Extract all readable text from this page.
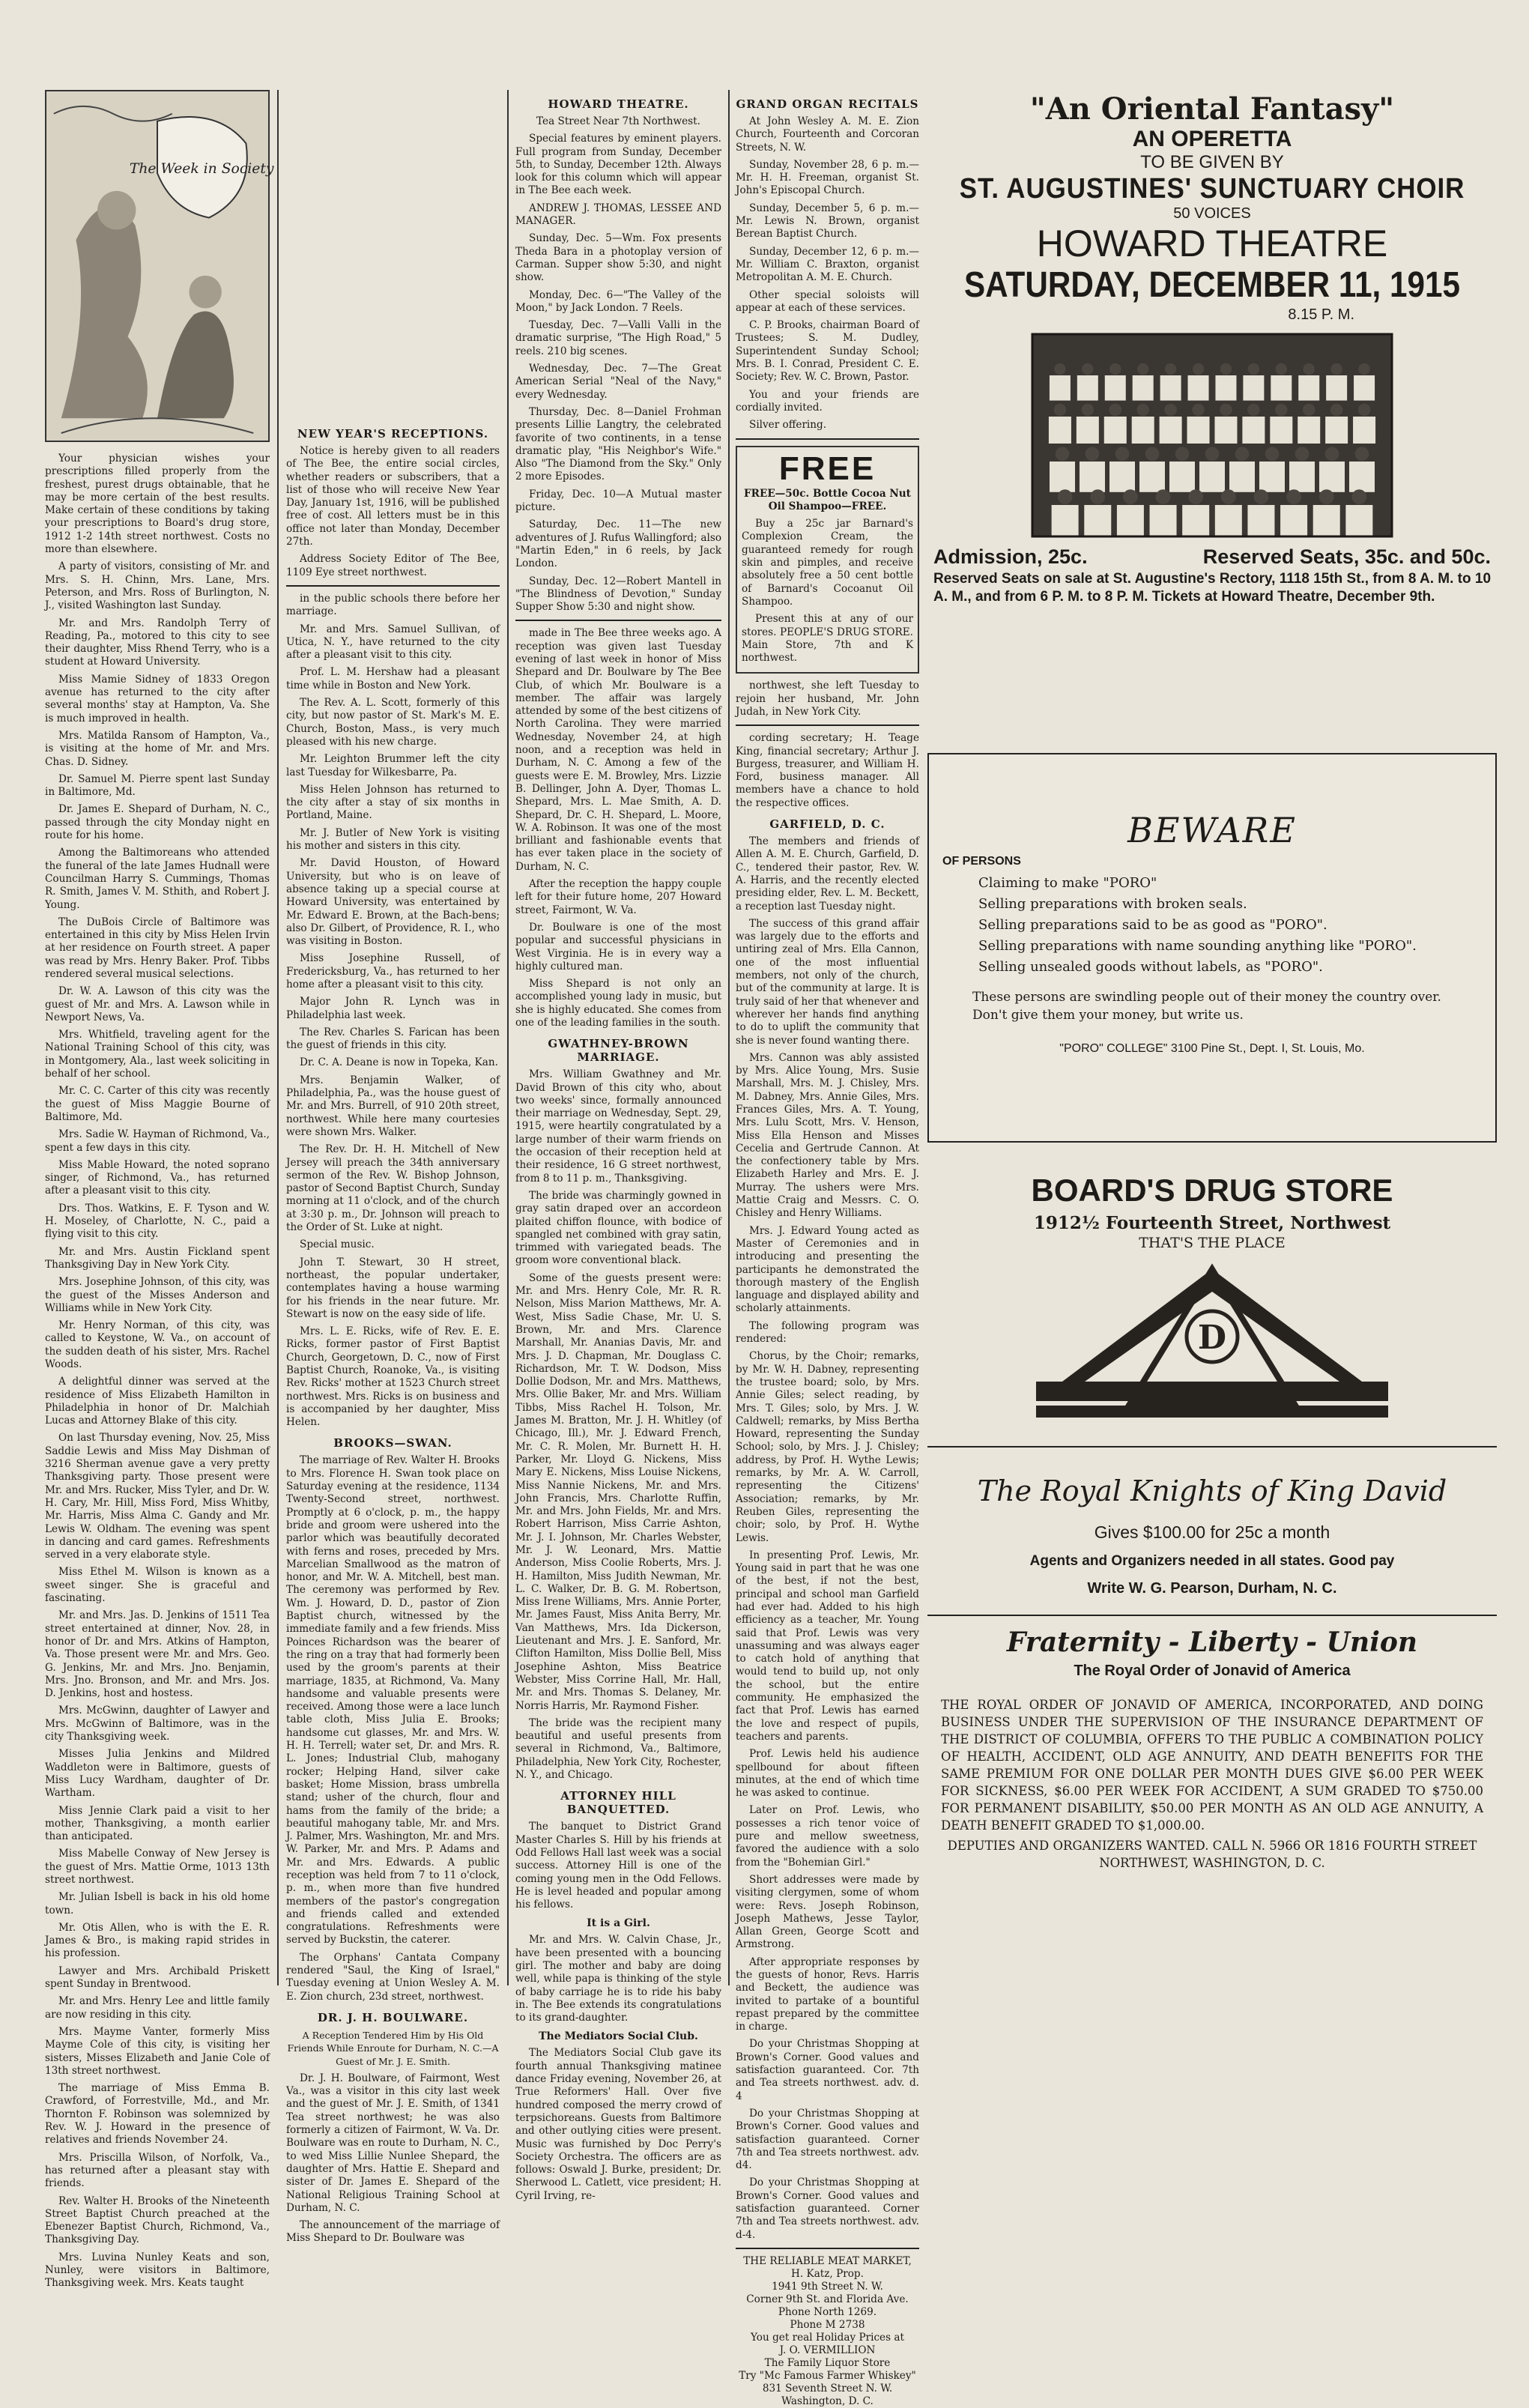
The Week in Society

Your physician wishes your prescriptions filled properly from the freshest, purest drugs obtainable, that he may be more certain of the best results. Make certain of these conditions by taking your prescriptions to Board's drug store, 1912 1-2 14th street northwest. Costs no more than elsewhere.

A party of visitors, consisting of Mr. and Mrs. S. H. Chinn, Mrs. Lane, Mrs. Peterson, and Mrs. Ross of Burlington, N. J., visited Washington last Sunday.

Mr. and Mrs. Randolph Terry of Reading, Pa., motored to this city to see their daughter, Miss Rhend Terry, who is a student at Howard University.

Miss Mamie Sidney of 1833 Oregon avenue has returned to the city after several months' stay at Hampton, Va. She is much improved in health.

Mrs. Matilda Ransom of Hampton, Va., is visiting at the home of Mr. and Mrs. Chas. D. Sidney.

Dr. Samuel M. Pierre spent last Sunday in Baltimore, Md.

Dr. James E. Shepard of Durham, N. C., passed through the city Monday night en route for his home.

Among the Baltimoreans who attended the funeral of the late James Hudnall were Councilman Harry S. Cummings, Thomas R. Smith, James V. M. Sthith, and Robert J. Young.

The DuBois Circle of Baltimore was entertained in this city by Miss Helen Irvin at her residence on Fourth street. A paper was read by Mrs. Henry Baker. Prof. Tibbs rendered several musical selections.

Dr. W. A. Lawson of this city was the guest of Mr. and Mrs. A. Lawson while in Newport News, Va.

Mrs. Whitfield, traveling agent for the National Training School of this city, was in Montgomery, Ala., last week soliciting in behalf of her school.

Mr. C. C. Carter of this city was recently the guest of Miss Maggie Bourne of Baltimore, Md.

Mrs. Sadie W. Hayman of Richmond, Va., spent a few days in this city.

Miss Mable Howard, the noted soprano singer, of Richmond, Va., has returned after a pleasant visit to this city.

Drs. Thos. Watkins, E. F. Tyson and W. H. Moseley, of Charlotte, N. C., paid a flying visit to this city.

Mr. and Mrs. Austin Fickland spent Thanksgiving Day in New York City.

Mrs. Josephine Johnson, of this city, was the guest of the Misses Anderson and Williams while in New York City.

Mr. Henry Norman, of this city, was called to Keystone, W. Va., on account of the sudden death of his sister, Mrs. Rachel Woods.

A delightful dinner was served at the residence of Miss Elizabeth Hamilton in Philadelphia in honor of Dr. Malchiah Lucas and Attorney Blake of this city.

On last Thursday evening, Nov. 25, Miss Saddie Lewis and Miss May Dishman of 3216 Sherman avenue gave a very pretty Thanksgiving party. Those present were Mr. and Mrs. Rucker, Miss Tyler, and Dr. W. H. Cary, Mr. Hill, Miss Ford, Miss Whitby, Mr. Harris, Miss Alma C. Gandy and Mr. Lewis W. Oldham. The evening was spent in dancing and card games. Refreshments served in a very elaborate style.

Miss Ethel M. Wilson is known as a sweet singer. She is graceful and fascinating.

Mr. and Mrs. Jas. D. Jenkins of 1511 Tea street entertained at dinner, Nov. 28, in honor of Dr. and Mrs. Atkins of Hampton, Va. Those present were Mr. and Mrs. Geo. G. Jenkins, Mr. and Mrs. Jno. Benjamin, Mrs. Jno. Bronson, and Mr. and Mrs. Jos. D. Jenkins, host and hostess.

Mrs. McGwinn, daughter of Lawyer and Mrs. McGwinn of Baltimore, was in the city Thanksgiving week.

Misses Julia Jenkins and Mildred Waddleton were in Baltimore, guests of Miss Lucy Wardham, daughter of Dr. Wartham.

Miss Jennie Clark paid a visit to her mother, Thanksgiving, a month earlier than anticipated.

Miss Mabelle Conway of New Jersey is the guest of Mrs. Mattie Orme, 1013 13th street northwest.

Mr. Julian Isbell is back in his old home town.

Mr. Otis Allen, who is with the E. R. James & Bro., is making rapid strides in his profession.

Lawyer and Mrs. Archibald Priskett spent Sunday in Brentwood.

Mr. and Mrs. Henry Lee and little family are now residing in this city.

Mrs. Mayme Vanter, formerly Miss Mayme Cole of this city, is visiting her sisters, Misses Elizabeth and Janie Cole of 13th street northwest.

The marriage of Miss Emma B. Crawford, of Forrestville, Md., and Mr. Thornton F. Robinson was solemnized by Rev. W. J. Howard in the presence of relatives and friends November 24.

Mrs. Priscilla Wilson, of Norfolk, Va., has returned after a pleasant stay with friends.

Rev. Walter H. Brooks of the Nineteenth Street Baptist Church preached at the Ebenezer Baptist Church, Richmond, Va., Thanksgiving Day.

Mrs. Luvina Nunley Keats and son, Nunley, were visitors in Baltimore, Thanksgiving week. Mrs. Keats taught

NEW YEAR'S RECEPTIONS.

Notice is hereby given to all readers of The Bee, the entire social circles, whether readers or subscribers, that a list of those who will receive New Year Day, January 1st, 1916, will be published free of cost. All letters must be in this office not later than Monday, December 27th.

Address Society Editor of The Bee, 1109 Eye street northwest.

in the public schools there before her marriage.

Mr. and Mrs. Samuel Sullivan, of Utica, N. Y., have returned to the city after a pleasant visit to this city.

Prof. L. M. Hershaw had a pleasant time while in Boston and New York.

The Rev. A. L. Scott, formerly of this city, but now pastor of St. Mark's M. E. Church, Boston, Mass., is very much pleased with his new charge.

Mr. Leighton Brummer left the city last Tuesday for Wilkesbarre, Pa.

Miss Helen Johnson has returned to the city after a stay of six months in Portland, Maine.

Mr. J. Butler of New York is visiting his mother and sisters in this city.

Mr. David Houston, of Howard University, but who is on leave of absence taking up a special course at Howard University, was entertained by Mr. Edward E. Brown, at the Bach-bens; also Dr. Gilbert, of Providence, R. I., who was visiting in Boston.

Miss Josephine Russell, of Fredericksburg, Va., has returned to her home after a pleasant visit to this city.

Major John R. Lynch was in Philadelphia last week.

The Rev. Charles S. Farican has been the guest of friends in this city.

Dr. C. A. Deane is now in Topeka, Kan.

Mrs. Benjamin Walker, of Philadelphia, Pa., was the house guest of Mr. and Mrs. Burrell, of 910 20th street, northwest. While here many courtesies were shown Mrs. Walker.

The Rev. Dr. H. H. Mitchell of New Jersey will preach the 34th anniversary sermon of the Rev. W. Bishop Johnson, pastor of Second Baptist Church, Sunday morning at 11 o'clock, and of the church at 3:30 p. m., Dr. Johnson will preach to the Order of St. Luke at night.

Special music.

John T. Stewart, 30 H street, northeast, the popular undertaker, contemplates having a house warming for his friends in the near future. Mr. Stewart is now on the easy side of life.

Mrs. L. E. Ricks, wife of Rev. E. E. Ricks, former pastor of First Baptist Church, Georgetown, D. C., now of First Baptist Church, Roanoke, Va., is visiting Rev. Ricks' mother at 1523 Church street northwest. Mrs. Ricks is on business and is accompanied by her daughter, Miss Helen.

BROOKS—SWAN.

The marriage of Rev. Walter H. Brooks to Mrs. Florence H. Swan took place on Saturday evening at the residence, 1134 Twenty-Second street, northwest. Promptly at 6 o'clock, p. m., the happy bride and groom were ushered into the parlor which was beautifully decorated with ferns and roses, preceded by Mrs. Marcelian Smallwood as the matron of honor, and Mr. W. A. Mitchell, best man. The ceremony was performed by Rev. Wm. J. Howard, D. D., pastor of Zion Baptist church, witnessed by the immediate family and a few friends. Miss Poinces Richardson was the bearer of the ring on a tray that had formerly been used by the groom's parents at their marriage, 1835, at Richmond, Va. Many handsome and valuable presents were received. Among those were a lace lunch table cloth, Miss Julia E. Brooks; handsome cut glasses, Mr. and Mrs. W. H. H. Terrell; water set, Dr. and Mrs. R. L. Jones; Industrial Club, mahogany rocker; Helping Hand, silver cake basket; Home Mission, brass umbrella stand; usher of the church, flour and hams from the family of the bride; a beautiful mahogany table, Mr. and Mrs. J. Palmer, Mrs. Washington, Mr. and Mrs. W. Parker, Mr. and Mrs. P. Adams and Mr. and Mrs. Edwards. A public reception was held from 7 to 11 o'clock, p. m., when more than five hundred members of the pastor's congregation and friends called and extended congratulations. Refreshments were served by Buckstin, the caterer.

The Orphans' Cantata Company rendered "Saul, the King of Israel," Tuesday evening at Union Wesley A. M. E. Zion church, 23d street, northwest.

DR. J. H. BOULWARE.

A Reception Tendered Him by His Old Friends While Enroute for Durham, N. C.—A Guest of Mr. J. E. Smith.

Dr. J. H. Boulware, of Fairmont, West Va., was a visitor in this city last week and the guest of Mr. J. E. Smith, of 1341 Tea street northwest; he was also formerly a citizen of Fairmont, W. Va. Dr. Boulware was en route to Durham, N. C., to wed Miss Lillie Nunlee Shepard, the daughter of Mrs. Hattie E. Shepard and sister of Dr. James E. Shepard of the National Religious Training School at Durham, N. C.

The announcement of the marriage of Miss Shepard to Dr. Boulware was

HOWARD THEATRE.

Tea Street Near 7th Northwest.

Special features by eminent players. Full program from Sunday, December 5th, to Sunday, December 12th. Always look for this column which will appear in The Bee each week.

ANDREW J. THOMAS, LESSEE AND MANAGER.

Sunday, Dec. 5—Wm. Fox presents Theda Bara in a photoplay version of Carman. Supper show 5:30, and night show.

Monday, Dec. 6—"The Valley of the Moon," by Jack London. 7 Reels.

Tuesday, Dec. 7—Valli Valli in the dramatic surprise, "The High Road," 5 reels. 210 big scenes.

Wednesday, Dec. 7—The Great American Serial "Neal of the Navy," every Wednesday.

Thursday, Dec. 8—Daniel Frohman presents Lillie Langtry, the celebrated favorite of two continents, in a tense dramatic play, "His Neighbor's Wife." Also "The Diamond from the Sky." Only 2 more Episodes.

Friday, Dec. 10—A Mutual master picture.

Saturday, Dec. 11—The new adventures of J. Rufus Wallingford; also "Martin Eden," in 6 reels, by Jack London.

Sunday, Dec. 12—Robert Mantell in "The Blindness of Devotion," Sunday Supper Show 5:30 and night show.

made in The Bee three weeks ago. A reception was given last Tuesday evening of last week in honor of Miss Shepard and Dr. Boulware by The Bee Club, of which Mr. Boulware is a member. The affair was largely attended by some of the best citizens of North Carolina. They were married Wednesday, November 24, at high noon, and a reception was held in Durham, N. C. Among a few of the guests were E. M. Browley, Mrs. Lizzie B. Dellinger, John A. Dyer, Thomas L. Shepard, Mrs. L. Mae Smith, A. D. Shepard, Dr. C. H. Shepard, L. Moore, W. A. Robinson. It was one of the most brilliant and fashionable events that has ever taken place in the society of Durham, N. C.

After the reception the happy couple left for their future home, 207 Howard street, Fairmont, W. Va.

Dr. Boulware is one of the most popular and successful physicians in West Virginia. He is in every way a highly cultured man.

Miss Shepard is not only an accomplished young lady in music, but she is highly educated. She comes from one of the leading families in the south.

GWATHNEY-BROWN MARRIAGE.

Mrs. William Gwathney and Mr. David Brown of this city who, about two weeks' since, formally announced their marriage on Wednesday, Sept. 29, 1915, were heartily congratulated by a large number of their warm friends on the occasion of their reception held at their residence, 16 G street northwest, from 8 to 11 p. m., Thanksgiving.

The bride was charmingly gowned in gray satin draped over an accordeon plaited chiffon flounce, with bodice of spangled net combined with gray satin, trimmed with variegated beads. The groom wore conventional black.

Some of the guests present were: Mr. and Mrs. Henry Cole, Mr. R. R. Nelson, Miss Marion Matthews, Mr. A. West, Miss Sadie Chase, Mr. U. S. Brown, Mr. and Mrs. Clarence Marshall, Mr. Ananias Davis, Mr. and Mrs. J. D. Chapman, Mr. Douglass C. Richardson, Mr. T. W. Dodson, Miss Dollie Dodson, Mr. and Mrs. Matthews, Mrs. Ollie Baker, Mr. and Mrs. William Tibbs, Miss Rachel H. Tolson, Mr. James M. Bratton, Mr. J. H. Whitley (of Chicago, Ill.), Mr. J. Edward French, Mr. C. R. Molen, Mr. Burnett H. H. Parker, Mr. Lloyd G. Nickens, Miss Mary E. Nickens, Miss Louise Nickens, Miss Nannie Nickens, Mr. and Mrs. John Francis, Mrs. Charlotte Ruffin, Mr. and Mrs. John Fields, Mr. and Mrs. Robert Harrison, Miss Carrie Ashton, Mr. J. I. Johnson, Mr. Charles Webster, Mr. J. W. Leonard, Mrs. Mattie Anderson, Miss Coolie Roberts, Mrs. J. H. Hamilton, Miss Judith Newman, Mr. L. C. Walker, Dr. B. G. M. Robertson, Miss Irene Williams, Mrs. Annie Porter, Mr. James Faust, Miss Anita Berry, Mr. Van Matthews, Mrs. Ida Dickerson, Lieutenant and Mrs. J. E. Sanford, Mr. Clifton Hamilton, Miss Dollie Bell, Miss Josephine Ashton, Miss Beatrice Webster, Miss Corrine Hall, Mr. Hall, Mr. and Mrs. Thomas S. Delaney, Mr. Norris Harris, Mr. Raymond Fisher.

The bride was the recipient many beautiful and useful presents from several in Richmond, Va., Baltimore, Philadelphia, New York City, Rochester, N. Y., and Chicago.

ATTORNEY HILL BANQUETTED.

The banquet to District Grand Master Charles S. Hill by his friends at Odd Fellows Hall last week was a social success. Attorney Hill is one of the coming young men in the Odd Fellows. He is level headed and popular among his fellows.

It is a Girl.

Mr. and Mrs. W. Calvin Chase, Jr., have been presented with a bouncing girl. The mother and baby are doing well, while papa is thinking of the style of baby carriage he is to ride his baby in. The Bee extends its congratulations to its grand-daughter.

The Mediators Social Club.

The Mediators Social Club gave its fourth annual Thanksgiving matinee dance Friday evening, November 26, at True Reformers' Hall. Over five hundred composed the merry crowd of terpsichoreans. Guests from Baltimore and other outlying cities were present. Music was furnished by Doc Perry's Society Orchestra. The officers are as follows: Oswald J. Burke, president; Dr. Sherwood L. Catlett, vice president; H. Cyril Irving, re-

GRAND ORGAN RECITALS

At John Wesley A. M. E. Zion Church, Fourteenth and Corcoran Streets, N. W.

Sunday, November 28, 6 p. m.—Mr. H. H. Freeman, organist St. John's Episcopal Church.

Sunday, December 5, 6 p. m.—Mr. Lewis N. Brown, organist Berean Baptist Church.

Sunday, December 12, 6 p. m.—Mr. William C. Braxton, organist Metropolitan A. M. E. Church.

Other special soloists will appear at each of these services.

C. P. Brooks, chairman Board of Trustees; S. M. Dudley, Superintendent Sunday School; Mrs. B. I. Conrad, President C. E. Society; Rev. W. C. Brown, Pastor.

You and your friends are cordially invited.

Silver offering.

FREE

FREE—50c. Bottle Cocoa Nut Oil Shampoo—FREE.

Buy a 25c jar Barnard's Complexion Cream, the guaranteed remedy for rough skin and pimples, and receive absolutely free a 50 cent bottle of Barnard's Cocoanut Oil Shampoo.

Present this at any of our stores. PEOPLE'S DRUG STORE. Main Store, 7th and K northwest.

northwest, she left Tuesday to rejoin her husband, Mr. John Judah, in New York City.

cording secretary; H. Teage King, financial secretary; Arthur J. Burgess, treasurer, and William H. Ford, business manager. All members have a chance to hold the respective offices.

GARFIELD, D. C.

The members and friends of Allen A. M. E. Church, Garfield, D. C., tendered their pastor, Rev. W. A. Harris, and the recently elected presiding elder, Rev. L. M. Beckett, a reception last Tuesday night.

The success of this grand affair was largely due to the efforts and untiring zeal of Mrs. Ella Cannon, one of the most influential members, not only of the church, but of the community at large. It is truly said of her that whenever and wherever her hands find anything to do to uplift the community that she is never found wanting there.

Mrs. Cannon was ably assisted by Mrs. Alice Young, Mrs. Susie Marshall, Mrs. M. J. Chisley, Mrs. M. Dabney, Mrs. Annie Giles, Mrs. Frances Giles, Mrs. A. T. Young, Mrs. Lulu Scott, Mrs. V. Henson, Miss Ella Henson and Misses Cecelia and Gertrude Cannon. At the confectionery table by Mrs. Elizabeth Harley and Mrs. E. J. Murray. The ushers were Mrs. Mattie Craig and Messrs. C. O. Chisley and Henry Williams.

Mrs. J. Edward Young acted as Master of Ceremonies and in introducing and presenting the participants he demonstrated the thorough mastery of the English language and displayed ability and scholarly attainments.

The following program was rendered:

Chorus, by the Choir; remarks, by Mr. W. H. Dabney, representing the trustee board; solo, by Mrs. Annie Giles; select reading, by Mrs. T. Giles; solo, by Mrs. J. W. Caldwell; remarks, by Miss Bertha Howard, representing the Sunday School; solo, by Mrs. J. J. Chisley; address, by Prof. H. Wythe Lewis; remarks, by Mr. A. W. Carroll, representing the Citizens' Association; remarks, by Mr. Reuben Giles, representing the choir; solo, by Prof. H. Wythe Lewis.

In presenting Prof. Lewis, Mr. Young said in part that he was one of the best, if not the best, principal and school man Garfield had ever had. Added to his high efficiency as a teacher, Mr. Young said that Prof. Lewis was very unassuming and was always eager to catch hold of anything that would tend to build up, not only the school, but the entire community. He emphasized the fact that Prof. Lewis has earned the love and respect of pupils, teachers and parents.

Prof. Lewis held his audience spellbound for about fifteen minutes, at the end of which time he was asked to continue.

Later on Prof. Lewis, who possesses a rich tenor voice of pure and mellow sweetness, favored the audience with a solo from the "Bohemian Girl."

Short addresses were made by visiting clergymen, some of whom were: Revs. Joseph Robinson, Joseph Mathews, Jesse Taylor, Allan Green, George Scott and Armstrong.

After appropriate responses by the guests of honor, Revs. Harris and Beckett, the audience was invited to partake of a bountiful repast prepared by the committee in charge.

Do your Christmas Shopping at Brown's Corner. Good values and satisfaction guaranteed. Cor. 7th and Tea streets northwest. adv. d. 4

Do your Christmas Shopping at Brown's Corner. Good values and satisfaction guaranteed. Corner 7th and Tea streets northwest. adv. d4.

Do your Christmas Shopping at Brown's Corner. Good values and satisfaction guaranteed. Corner 7th and Tea streets northwest. adv. d-4.

THE RELIABLE MEAT MARKET,
H. Katz, Prop.
1941 9th Street N. W.
Corner 9th St. and Florida Ave.
Phone North 1269.
Phone M 2738
You get real Holiday Prices at
J. O. VERMILLION
The Family Liquor Store
Try "Mc Famous Farmer Whiskey"
831 Seventh Street N. W.
Washington, D. C.
"An Oriental Fantasy"
AN OPERETTA
TO BE GIVEN BY
ST. AUGUSTINES' SUNCTUARY CHOIR
50 VOICES
HOWARD THEATRE
SATURDAY, DECEMBER 11, 1915
8.15 P. M.
Admission, 25c.	Reserved Seats, 35c. and 50c.
Reserved Seats on sale at St. Augustine's Rectory, 1118 15th St., from 8 A. M. to 10 A. M., and from 6 P. M. to 8 P. M. Tickets at Howard Theatre, December 9th.
BEWARE
OF PERSONS
Claiming to make "PORO"
Selling preparations with broken seals.
Selling preparations said to be as good as "PORO".
Selling preparations with name sounding anything like "PORO".
Selling unsealed goods without labels, as "PORO".
These persons are swindling people out of their money the country over. Don't give them your money, but write us.
"PORO" COLLEGE" 3100 Pine St., Dept. I, St. Louis, Mo.
BOARD'S DRUG STORE
1912½ Fourteenth Street, Northwest
THAT'S THE PLACE
D
The Royal Knights of King David
Gives $100.00 for 25c a month
Agents and Organizers needed in all states. Good pay
Write W. G. Pearson, Durham, N. C.
Fraternity - Liberty - Union
The Royal Order of Jonavid of America
THE ROYAL ORDER OF JONAVID OF AMERICA, INCORPORATED, AND DOING BUSINESS UNDER THE SUPERVISION OF THE INSURANCE DEPARTMENT OF THE DISTRICT OF COLUMBIA, OFFERS TO THE PUBLIC A COMBINATION POLICY OF HEALTH, ACCIDENT, OLD AGE ANNUITY, AND DEATH BENEFITS FOR THE SAME PREMIUM FOR ONE DOLLAR PER MONTH DUES GIVE $6.00 PER WEEK FOR SICKNESS, $6.00 PER WEEK FOR ACCIDENT, A SUM GRADED TO $750.00 FOR PERMANENT DISABILITY, $50.00 PER MONTH AS AN OLD AGE ANNUITY, A DEATH BENEFIT GRADED TO $1,000.00.
DEPUTIES AND ORGANIZERS WANTED. CALL N. 5966 OR 1816 FOURTH STREET NORTHWEST, WASHINGTON, D. C.
